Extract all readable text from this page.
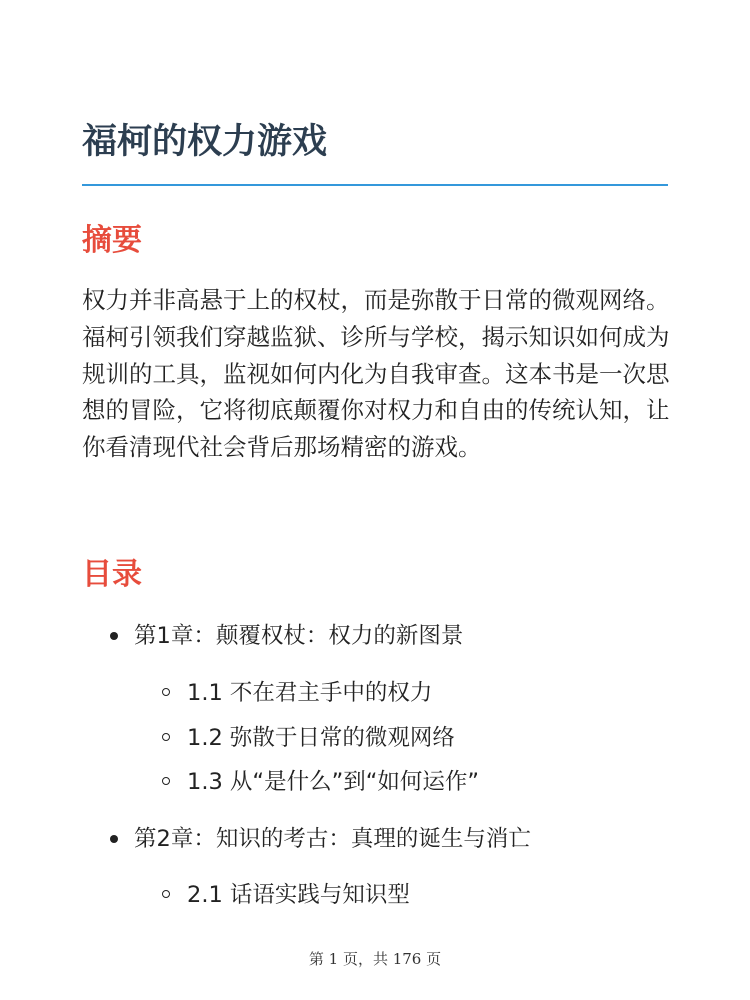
福柯的权力游戏
摘要

权力并非高悬于上的权杖，而是弥散于日常的微观网络。福柯引领我们穿越监狱、诊所与学校，揭示知识如何成为规训的工具，监视如何内化为自我审查。这本书是一次思想的冒险，它将彻底颠覆你对权力和自由的传统认知，让你看清现代社会背后那场精密的游戏。

目录
第1章：颠覆权杖：权力的新图景
1.1 不在君主手中的权力
1.2 弥散于日常的微观网络
1.3 从“是什么”到“如何运作”
第2章：知识的考古：真理的诞生与消亡
2.1 话语实践与知识型
第 1 页，共 176 页
